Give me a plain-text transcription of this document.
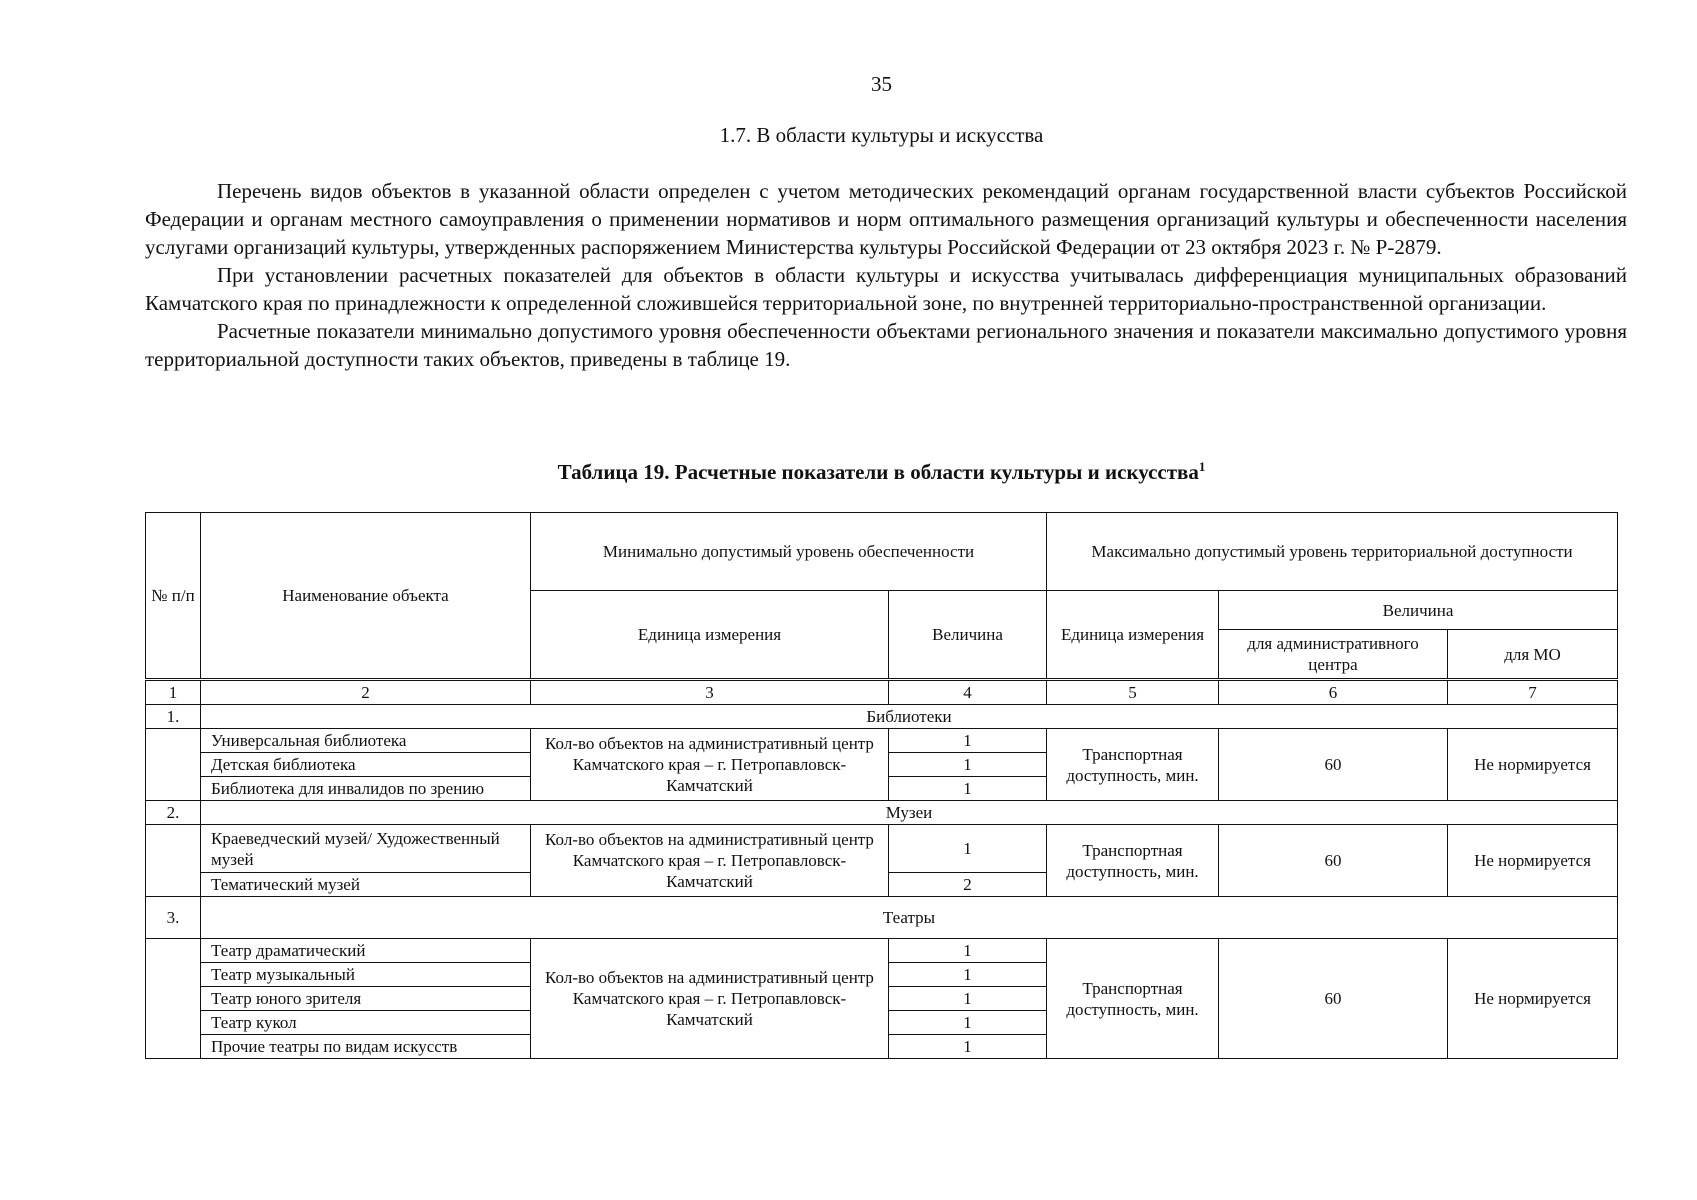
35
1.7. В области культуры и искусства

Перечень видов объектов в указанной области определен с учетом методических рекомендаций органам государственной власти субъектов Российской Федерации и органам местного самоуправления о применении нормативов и норм оптимального размещения организаций культуры и обеспеченности населения услугами организаций культуры, утвержденных распоряжением Министерства культуры Российской Федерации от 23 октября 2023 г. № Р-2879.

При установлении расчетных показателей для объектов в области культуры и искусства учитывалась дифференциация муниципальных образований Камчатского края по принадлежности к определенной сложившейся территориальной зоне, по внутренней территориально-пространственной организации.

Расчетные показатели минимально допустимого уровня обеспеченности объектами регионального значения и показатели максимально допустимого уровня территориальной доступности таких объектов, приведены в таблице 19.

Таблица 19. Расчетные показатели в области культуры и искусства$^1$
№ п/п	Наименование объекта	Минимально допустимый уровень обеспеченности		Максимально допустимый уровень территориальной доступности		
		Единица измерения	Величина	Единица измерения	Величина	
					для административного центра	для МО
1	2	3	4	5	6	7
1.	Библиотеки					
	Универсальная библиотека	Кол-во объектов на административный центр Камчатского края – г. Петропавловск-Камчатский	1	Транспортная доступность, мин.	60	Не нормируется
	Детская библиотека		1			
	Библиотека для инвалидов по зрению		1			
2.	Музеи					
	Краеведческий музей/ Художественный музей	Кол-во объектов на административный центр Камчатского края – г. Петропавловск-Камчатский	1	Транспортная доступность, мин.	60	Не нормируется
	Тематический музей		2			
3.	Театры					
	Театр драматический	Кол-во объектов на административный центр Камчатского края – г. Петропавловск-Камчатский	1	Транспортная доступность, мин.	60	Не нормируется
	Театр музыкальный		1			
	Театр юного зрителя		1			
	Театр кукол		1			
	Прочие театры по видам искусств		1			
